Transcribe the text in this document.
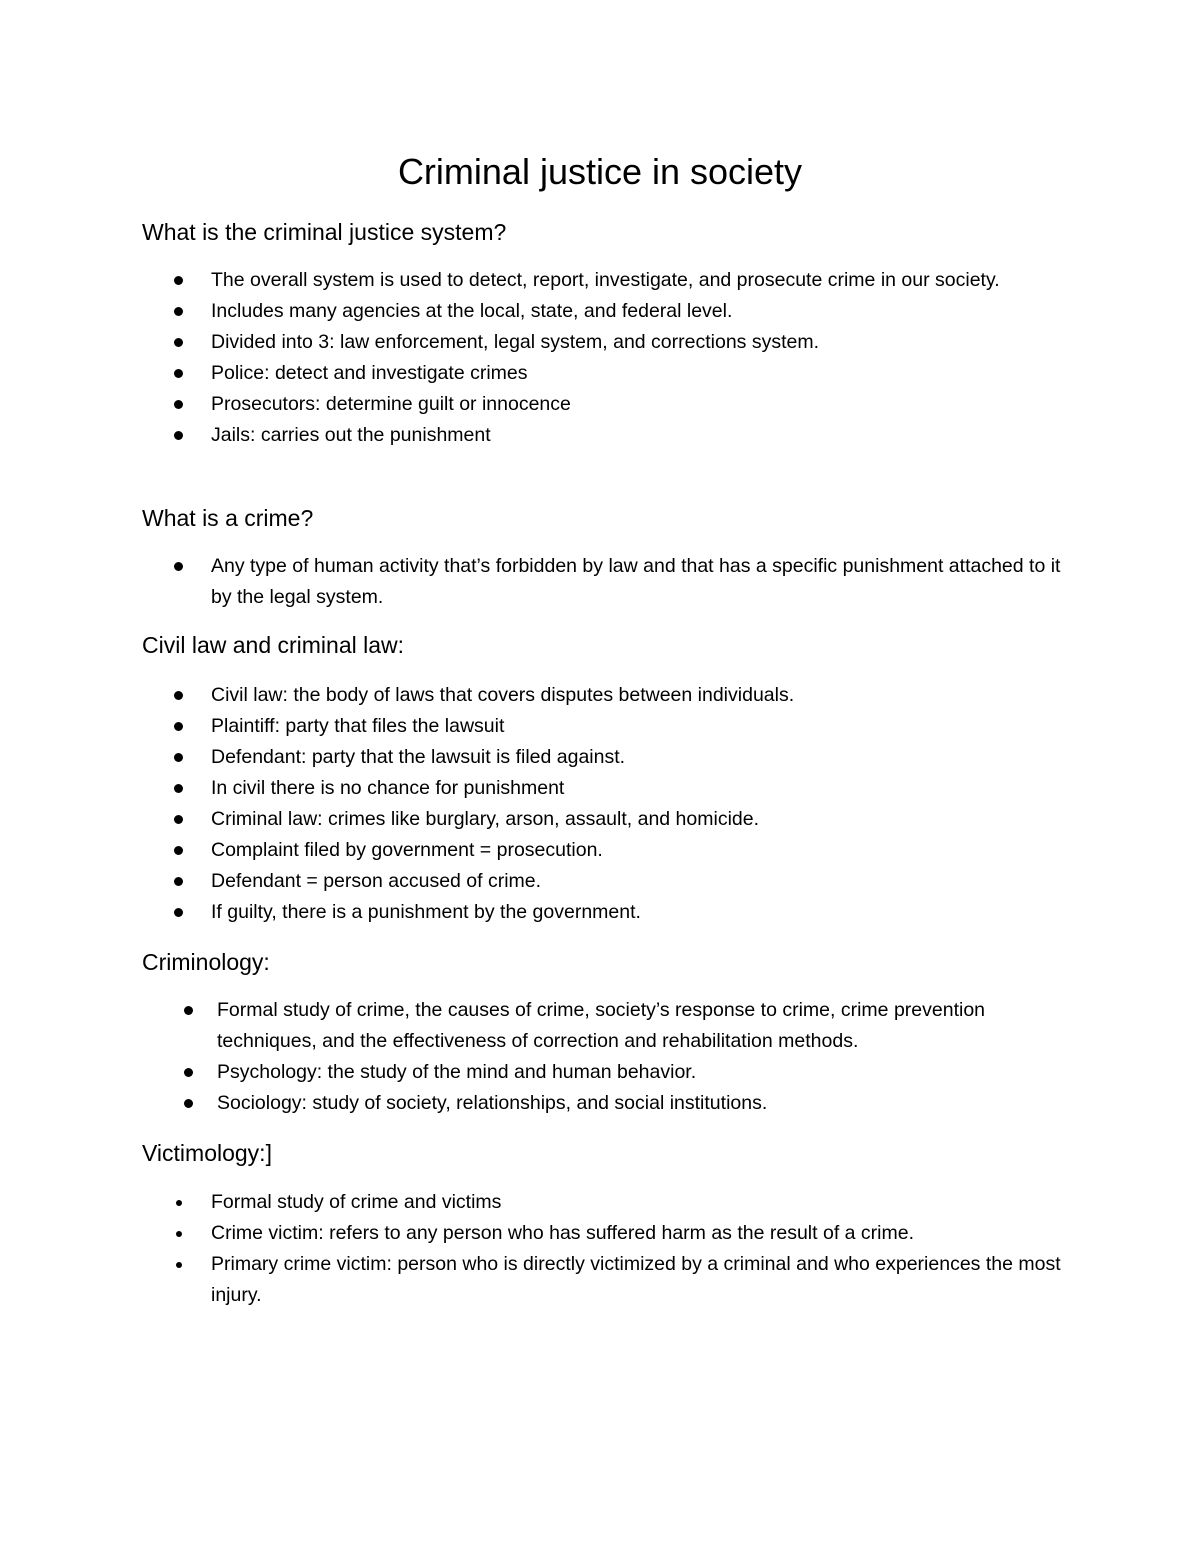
Criminal justice in society
What is the criminal justice system?
The overall system is used to detect, report, investigate, and prosecute crime in our society.
Includes many agencies at the local, state, and federal level.
Divided into 3: law enforcement, legal system, and corrections system.
Police: detect and investigate crimes
Prosecutors: determine guilt or innocence
Jails: carries out the punishment
What is a crime?
Any type of human activity that’s forbidden by law and that has a specific punishment attached to it by the legal system.
Civil law and criminal law:
Civil law: the body of laws that covers disputes between individuals.
Plaintiff: party that files the lawsuit
Defendant: party that the lawsuit is filed against.
In civil there is no chance for punishment
Criminal law: crimes like burglary, arson, assault, and homicide.
Complaint filed by government = prosecution.
Defendant = person accused of crime.
If guilty, there is a punishment by the government.
Criminology:
Formal study of crime, the causes of crime, society’s response to crime, crime prevention techniques, and the effectiveness of correction and rehabilitation methods.
Psychology: the study of the mind and human behavior.
Sociology: study of society, relationships, and social institutions.
Victimology:]
Formal study of crime and victims
Crime victim: refers to any person who has suffered harm as the result of a crime.
Primary crime victim: person who is directly victimized by a criminal and who experiences the most injury.
